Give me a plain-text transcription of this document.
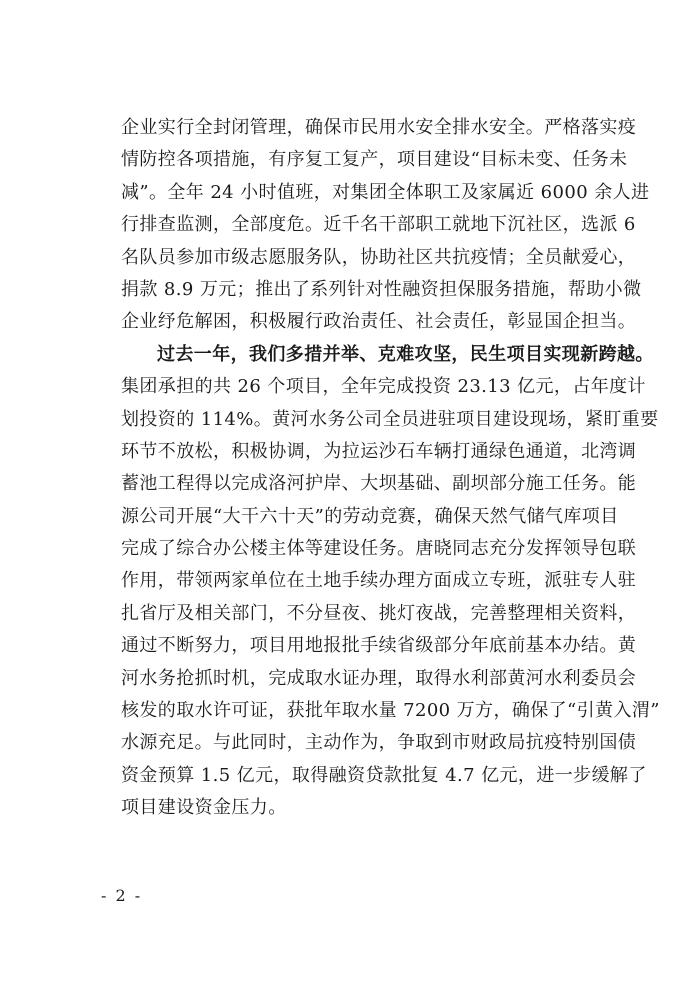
企业实行全封闭管理，确保市民用水安全排水安全。严格落实疫
情防控各项措施，有序复工复产，项目建设“目标未变、任务未
减”。全年 24 小时值班，对集团全体职工及家属近 6000 余人进
行排查监测，全部度危。近千名干部职工就地下沉社区，选派 6
名队员参加市级志愿服务队，协助社区共抗疫情；全员献爱心，
捐款 8.9 万元；推出了系列针对性融资担保服务措施，帮助小微
企业纾危解困，积极履行政治责任、社会责任，彰显国企担当。
过去一年，我们多措并举、克难攻坚，民生项目实现新跨越。
集团承担的共 26 个项目，全年完成投资 23.13 亿元，占年度计
划投资的 114%。黄河水务公司全员进驻项目建设现场，紧盯重要
环节不放松，积极协调，为拉运沙石车辆打通绿色通道，北湾调
蓄池工程得以完成洛河护岸、大坝基础、副坝部分施工任务。能
源公司开展“大干六十天”的劳动竞赛，确保天然气储气库项目
完成了综合办公楼主体等建设任务。唐晓同志充分发挥领导包联
作用，带领两家单位在土地手续办理方面成立专班，派驻专人驻
扎省厅及相关部门，不分昼夜、挑灯夜战，完善整理相关资料，
通过不断努力，项目用地报批手续省级部分年底前基本办结。黄
河水务抢抓时机，完成取水证办理，取得水利部黄河水利委员会
核发的取水许可证，获批年取水量 7200 万方，确保了“引黄入渭”
水源充足。与此同时，主动作为，争取到市财政局抗疫特别国债
资金预算 1.5 亿元，取得融资贷款批复 4.7 亿元，进一步缓解了
项目建设资金压力。
- 2 -
